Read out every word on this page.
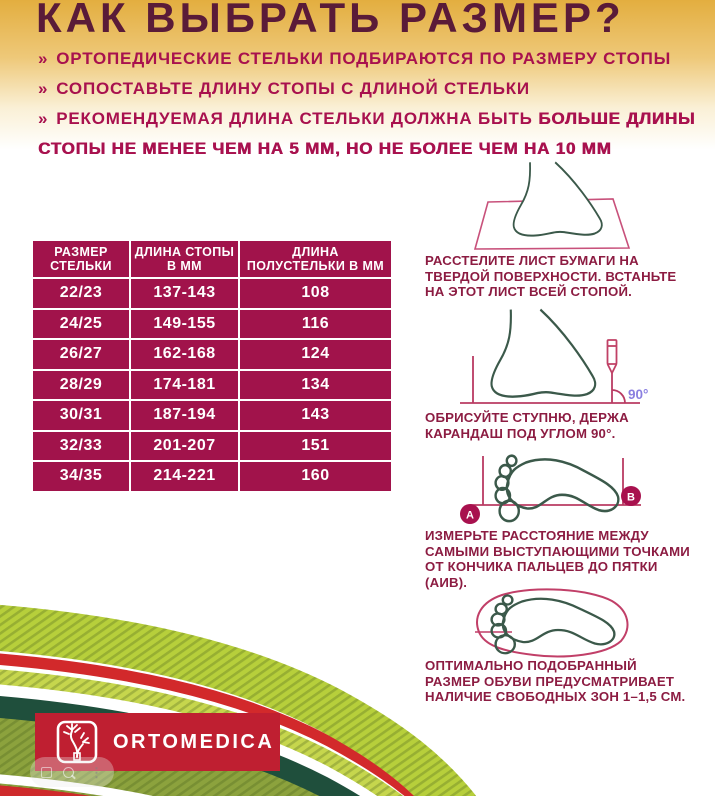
КАК ВЫБРАТЬ РАЗМЕР?
» ОРТОПЕДИЧЕСКИЕ СТЕЛЬКИ ПОДБИРАЮТСЯ ПО РАЗМЕРУ СТОПЫ
» СОПОСТАВЬТЕ ДЛИНУ СТОПЫ С ДЛИНОЙ СТЕЛЬКИ
» РЕКОМЕНДУЕМАЯ ДЛИНА СТЕЛЬКИ ДОЛЖНА БЫТЬ БОЛЬШЕ ДЛИНЫ
СТОПЫ НЕ МЕНЕЕ ЧЕМ НА 5 ММ, НО НЕ БОЛЕЕ ЧЕМ НА 10 ММ
РАЗМЕР СТЕЛЬКИ	ДЛИНА СТОПЫ В ММ	ДЛИНА ПОЛУСТЕЛЬКИ В ММ
22/23	137-143	108
24/25	149-155	116
26/27	162-168	124
28/29	174-181	134
30/31	187-194	143
32/33	201-207	151
34/35	214-221	160

РАССТЕЛИТЕ ЛИСТ БУМАГИ НА ТВЕРДОЙ ПОВЕРХНОСТИ. ВСТАНЬТЕ НА ЭТОТ ЛИСТ ВСЕЙ СТОПОЙ.

90°

ОБРИСУЙТЕ СТУПНЮ, ДЕРЖА КАРАНДАШ ПОД УГЛОМ 90°.

А
В

ИЗМЕРЬТЕ РАССТОЯНИЕ МЕЖДУ САМЫМИ ВЫСТУПАЮЩИМИ ТОЧКАМИ ОТ КОНЧИКА ПАЛЬЦЕВ ДО ПЯТКИ (АИВ).

ОПТИМАЛЬНО ПОДОБРАННЫЙ РАЗМЕР ОБУВИ ПРЕДУСМАТРИВАЕТ НАЛИЧИЕ СВОБОДНЫХ ЗОН 1–1,5 СМ.

ORTOMEDICA
⋮
